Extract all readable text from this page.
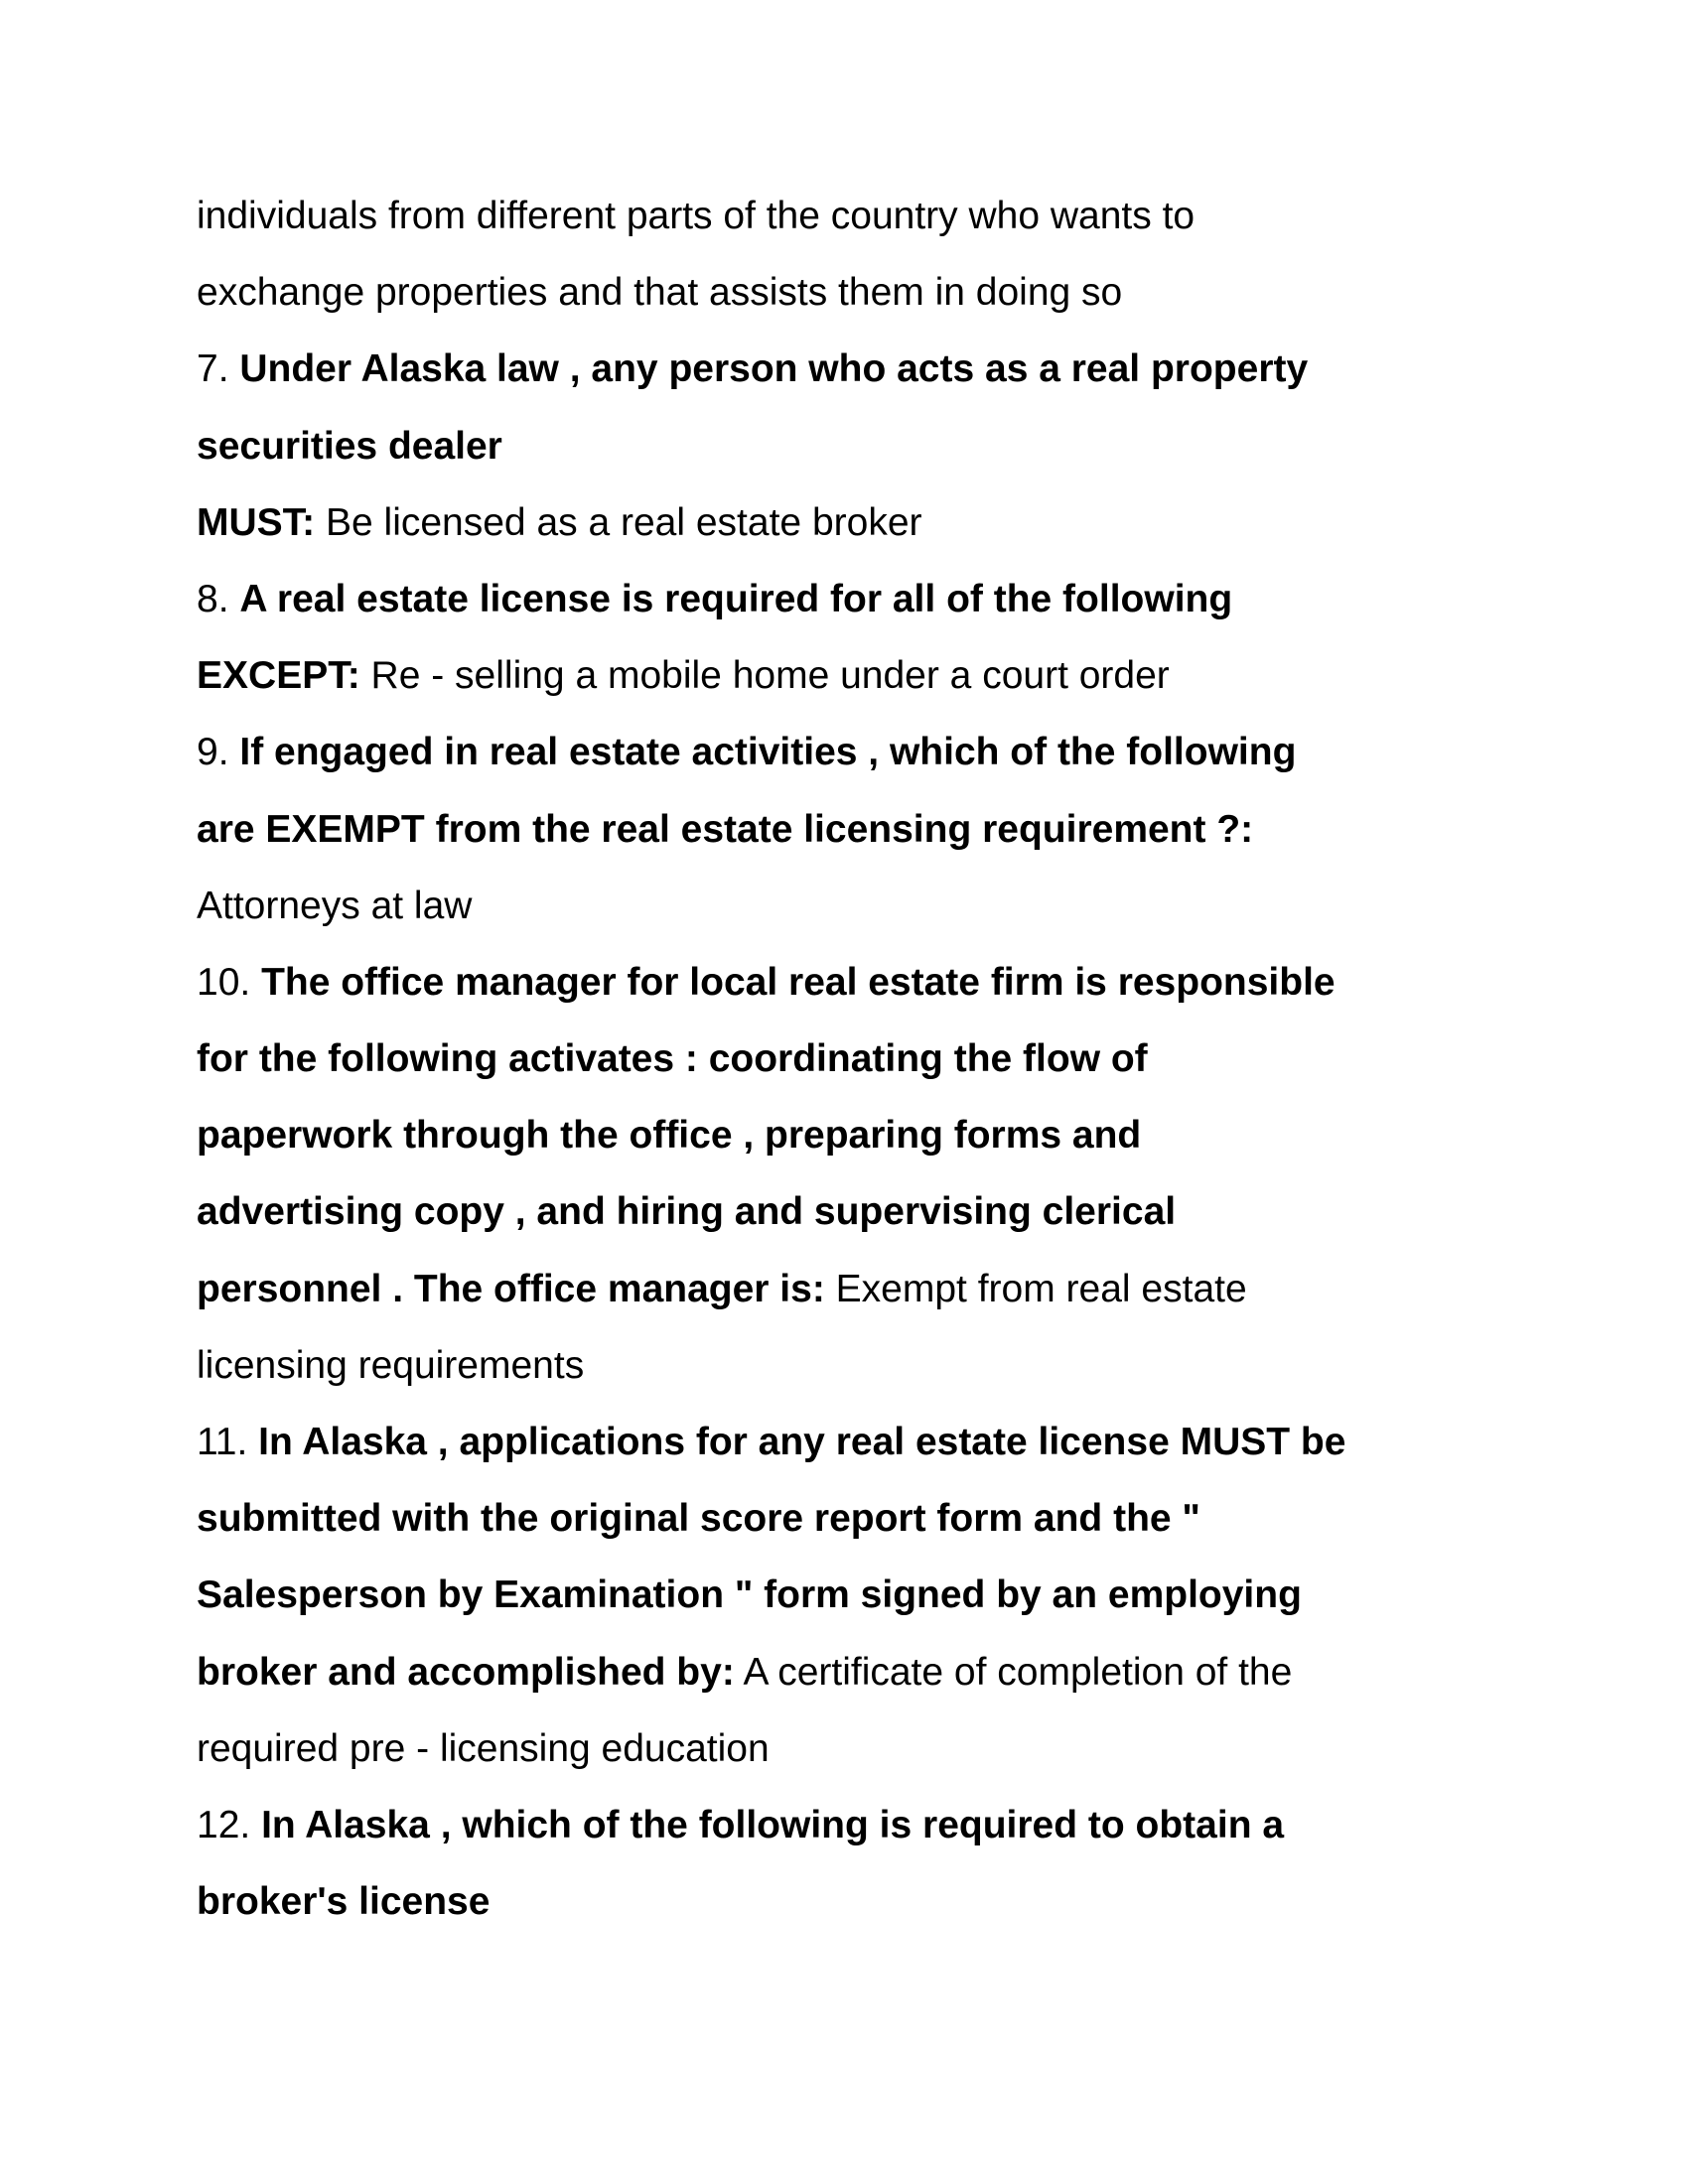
individuals from different parts of the country who wants to
exchange properties and that assists them in doing so
7. Under Alaska law , any person who acts as a real property
securities dealer
MUST: Be licensed as a real estate broker
8. A real estate license is required for all of the following
EXCEPT: Re - selling a mobile home under a court order
9. If engaged in real estate activities , which of the following
are EXEMPT from the real estate licensing requirement ?:
Attorneys at law
10. The office manager for local real estate firm is responsible
for the following activates : coordinating the flow of
paperwork through the office , preparing forms and
advertising copy , and hiring and supervising clerical
personnel . The office manager is: Exempt from real estate
licensing requirements
11. In Alaska , applications for any real estate license MUST be
submitted with the original score report form and the "
Salesperson by Examination " form signed by an employing
broker and accomplished by: A certificate of completion of the
required pre - licensing education
12. In Alaska , which of the following is required to obtain a
broker's license
